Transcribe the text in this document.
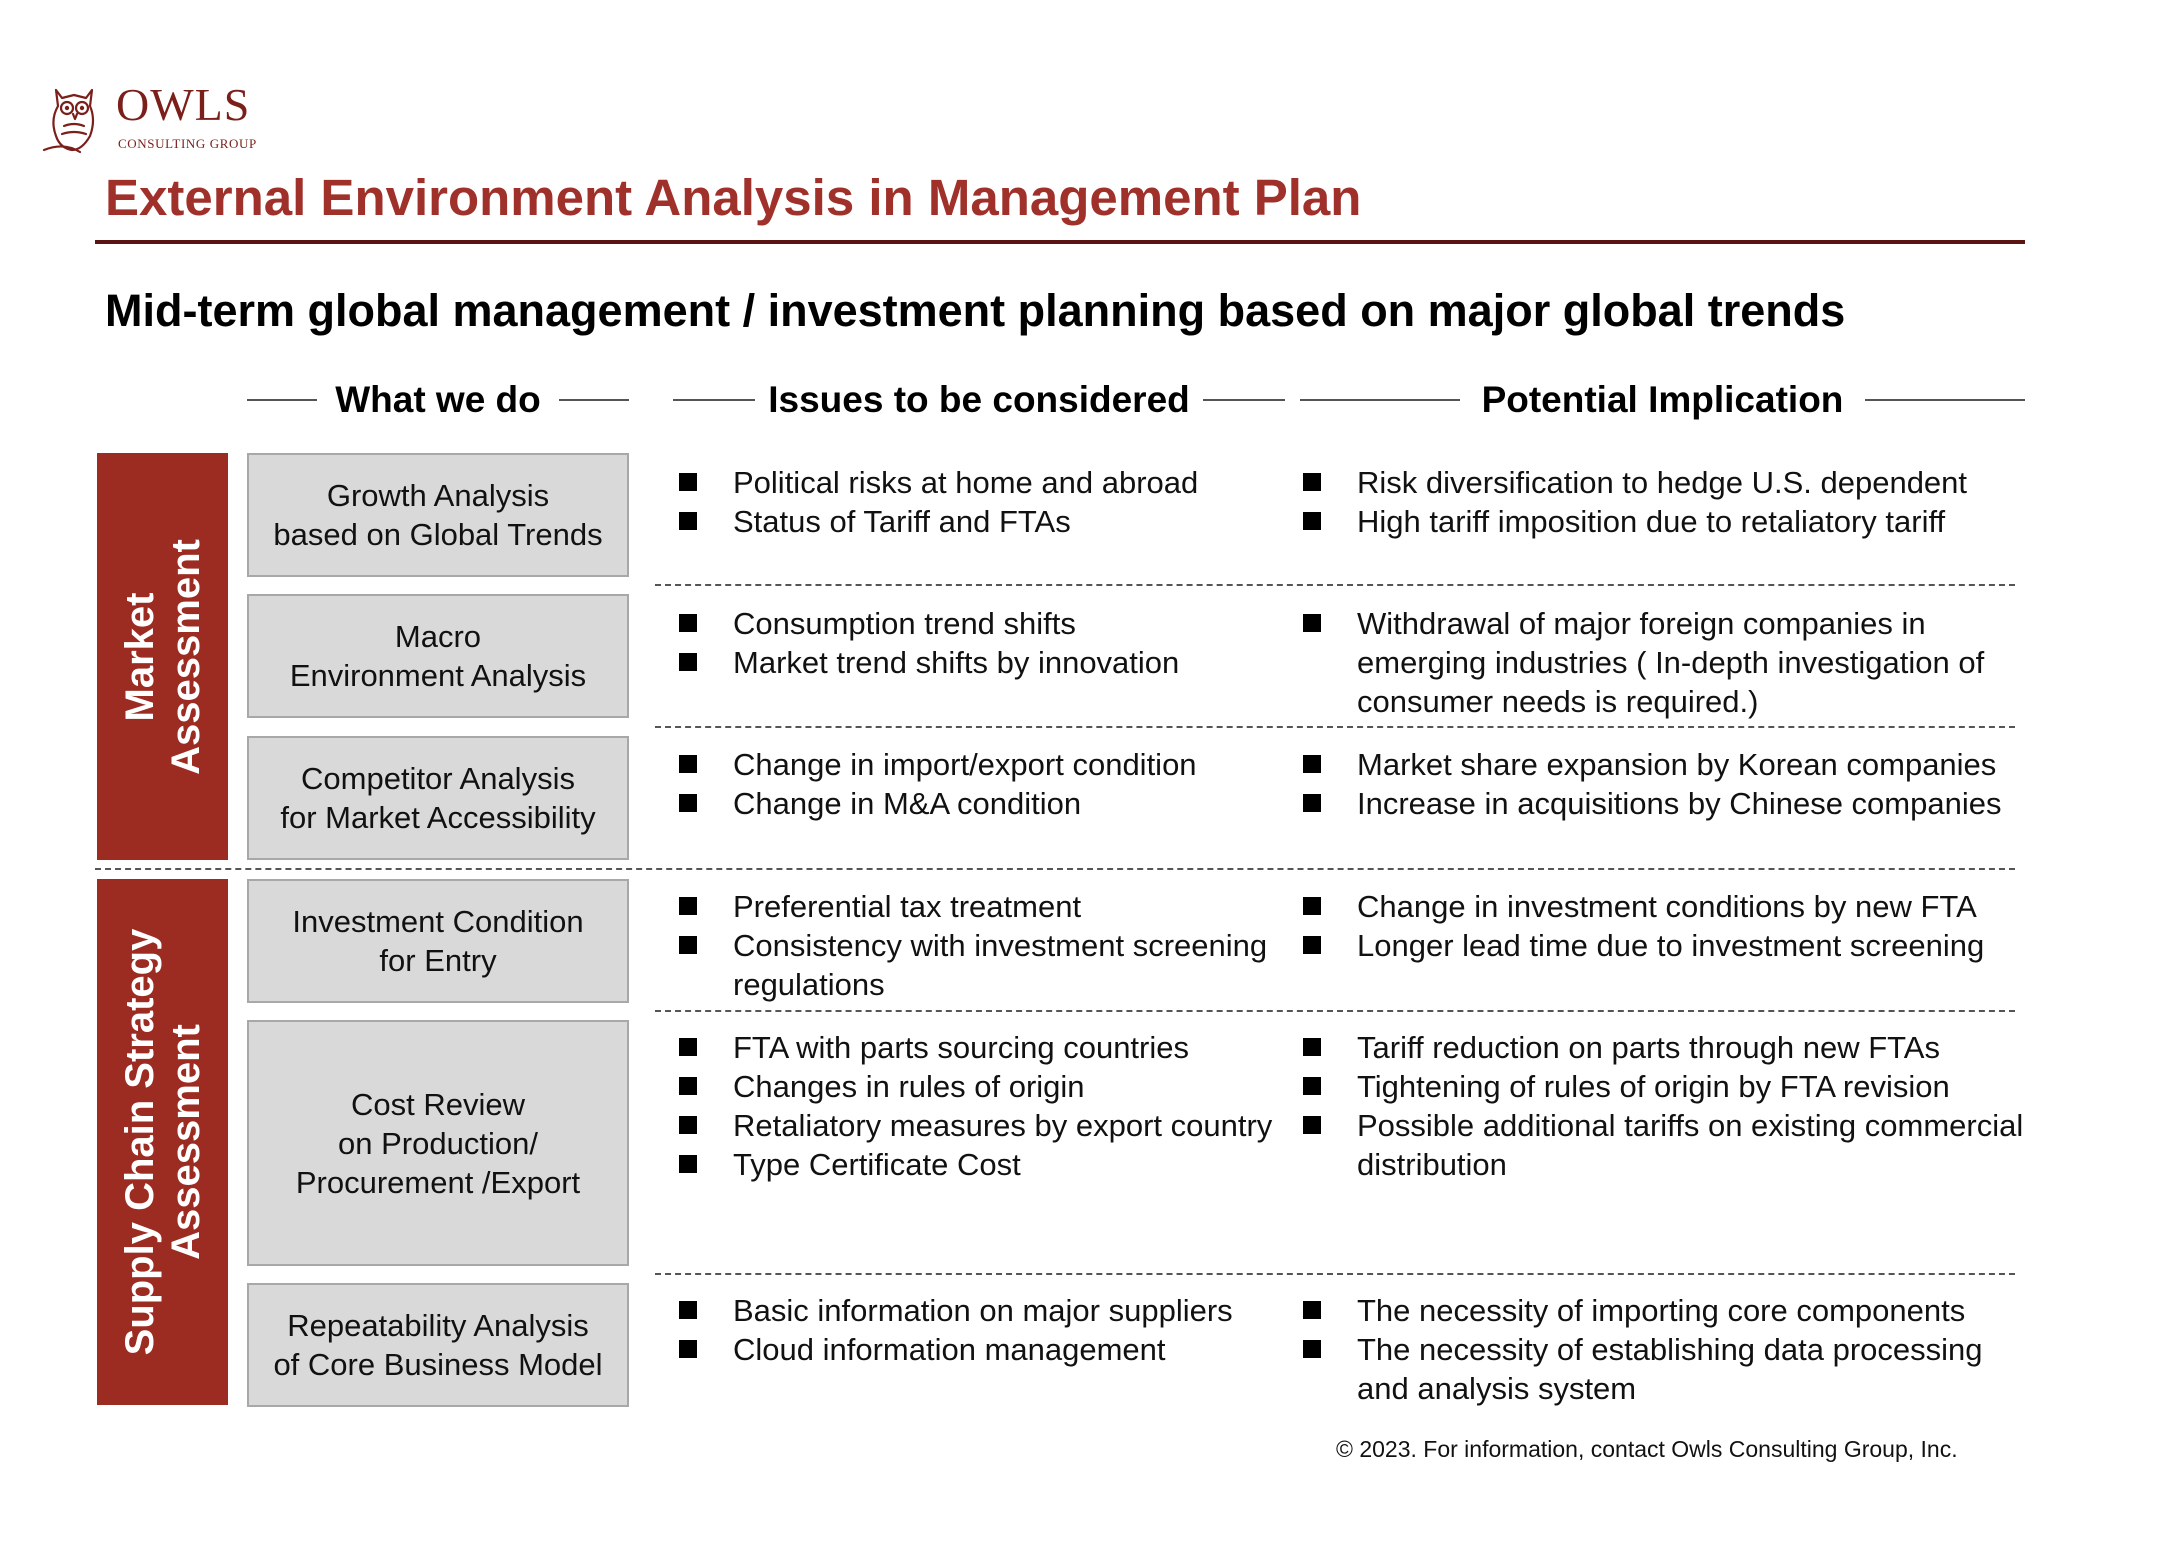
OWLS
CONSULTING GROUP
External Environment Analysis in Management Plan
Mid-term global management / investment planning based on major global trends
What we do	Issues to be considered	Potential Implication
Market Assessment
Supply Chain Strategy Assessment
Growth Analysis
based on Global Trends
Political risks at home and abroad
Status of Tariff and FTAs
Risk diversification to hedge U.S. dependent
High tariff imposition due to retaliatory tariff
Macro
Environment Analysis
Consumption trend shifts
Market trend shifts by innovation
Withdrawal of major foreign companies in emerging industries ( In-depth investigation of consumer needs is required.)
Competitor Analysis
for Market Accessibility
Change in import/export condition
Change in M&A condition
Market share expansion by Korean companies
Increase in acquisitions by Chinese companies
Investment Condition
for Entry
Preferential tax treatment
Consistency with investment screening regulations
Change in investment conditions by new FTA
Longer lead time due to investment screening
Cost Review
on Production/
Procurement /Export
FTA with parts sourcing countries
Changes in rules of origin
Retaliatory measures by export country
Type Certificate Cost
Tariff reduction on parts through new FTAs
Tightening of rules of origin by FTA revision
Possible additional tariffs on existing commercial distribution
Repeatability Analysis
of Core Business Model
Basic information on major suppliers
Cloud information management
The necessity of importing core components
The necessity of establishing data processing and analysis system
© 2023. For information, contact Owls Consulting Group, Inc.
